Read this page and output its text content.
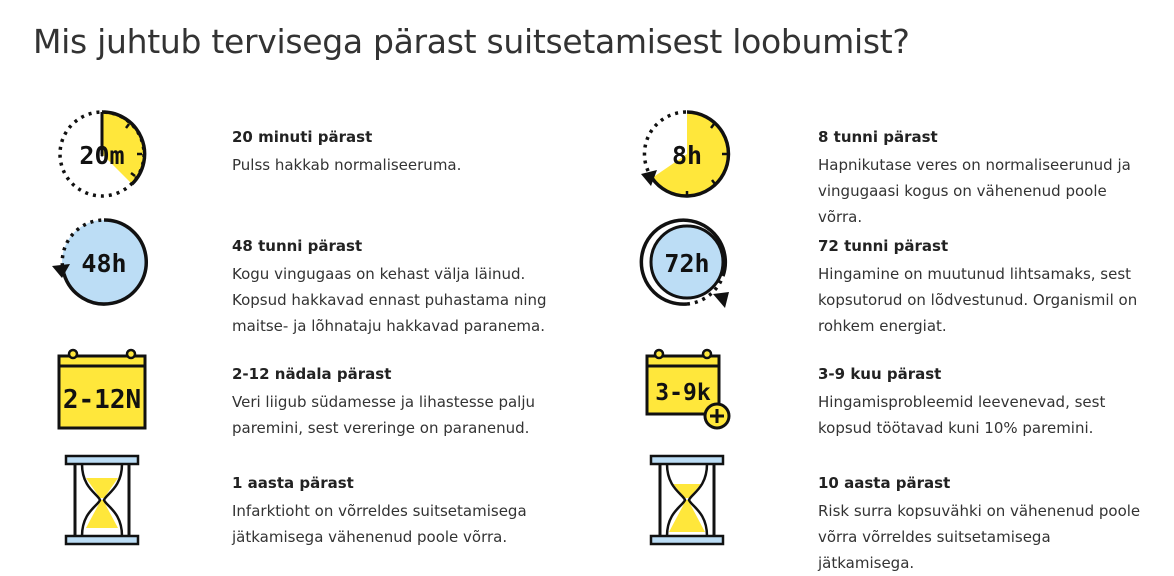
Mis juhtub tervisega pärast suitsetamisest loobumist?
20m

20 minuti pärast

Pulss hakkab normaliseeruma.	8h

8 tunni pärast

Hapnikutase veres on normaliseerunud ja vingugaasi kogus on vähenenud poole võrra.

48h

48 tunni pärast

Kogu vingugaas on kehast välja läinud. Kopsud hakkavad ennast puhastama ning maitse- ja lõhnataju hakkavad paranema.

72h

72 tunni pärast

Hingamine on muutunud lihtsamaks, sest kopsutorud on lõdvestunud. Organismil on rohkem energiat.

2-12N

2-12 nädala pärast

Veri liigub südamesse ja lihastesse palju paremini, sest vereringe on paranenud.

3-9k

3-9 kuu pärast

Hingamisprobleemid leevenevad, sest kopsud töötavad kuni 10% paremini.

1 aasta pärast

Infarktioht on võrreldes suitsetamisega jätkamisega vähenenud poole võrra.

10 aasta pärast

Risk surra kopsuvähki on vähenenud poole võrra võrreldes suitsetamisega jätkamisega.
